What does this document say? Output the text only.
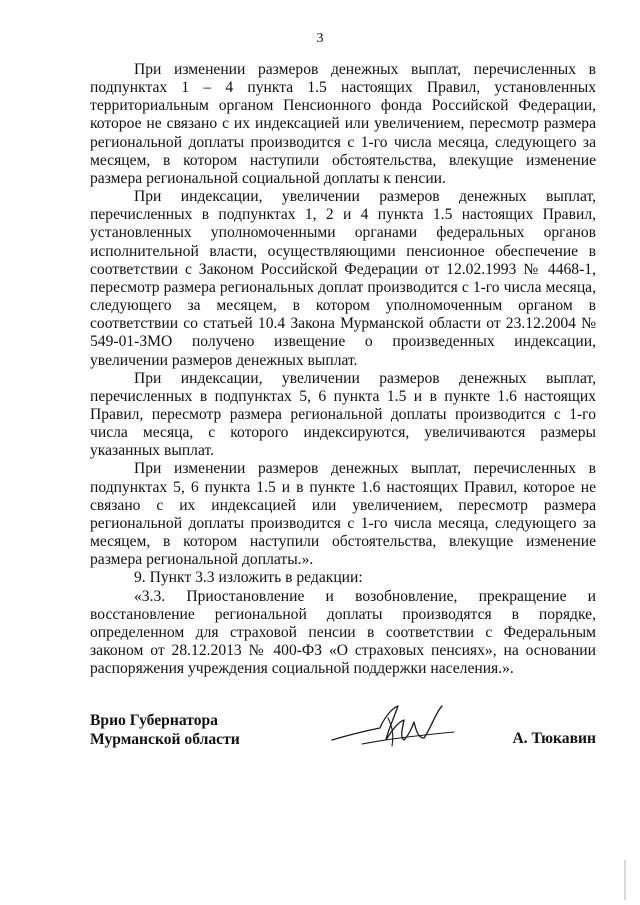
3

При изменении размеров денежных выплат, перечисленных в подпунктах 1 – 4 пункта 1.5 настоящих Правил, установленных территориальным органом Пенсионного фонда Российской Федерации, которое не связано с их индексацией или увеличением, пересмотр размера региональной доплаты производится с 1-го числа месяца, следующего за месяцем, в котором наступили обстоятельства, влекущие изменение размера региональной социальной доплаты к пенсии.

При индексации, увеличении размеров денежных выплат, перечисленных в подпунктах 1, 2 и 4 пункта 1.5 настоящих Правил, установленных уполномоченными органами федеральных органов исполнительной власти, осуществляющими пенсионное обеспечение в соответствии с Законом Российской Федерации от 12.02.1993 № 4468-1, пересмотр размера региональных доплат производится с 1-го числа месяца, следующего за месяцем, в котором уполномоченным органом в соответствии со статьей 10.4 Закона Мурманской области от 23.12.2004 № 549-01-ЗМО получено извещение о произведенных индексации, увеличении размеров денежных выплат.

При индексации, увеличении размеров денежных выплат, перечисленных в подпунктах 5, 6 пункта 1.5 и в пункте 1.6 настоящих Правил, пересмотр размера региональной доплаты производится с 1-го числа месяца, с которого индексируются, увеличиваются размеры указанных выплат.

При изменении размеров денежных выплат, перечисленных в подпунктах 5, 6 пункта 1.5 и в пункте 1.6 настоящих Правил, которое не связано с их индексацией или увеличением, пересмотр размера региональной доплаты производится с 1-го числа месяца, следующего за месяцем, в котором наступили обстоятельства, влекущие изменение размера региональной доплаты.».

9. Пункт 3.3 изложить в редакции:

«3.3. Приостановление и возобновление, прекращение и восстановление региональной доплаты производятся в порядке, определенном для страховой пенсии в соответствии с Федеральным законом от 28.12.2013 № 400-ФЗ «О страховых пенсиях», на основании распоряжения учреждения социальной поддержки населения.».

Врио Губернатора
Мурманской области	А. Тюкавин
